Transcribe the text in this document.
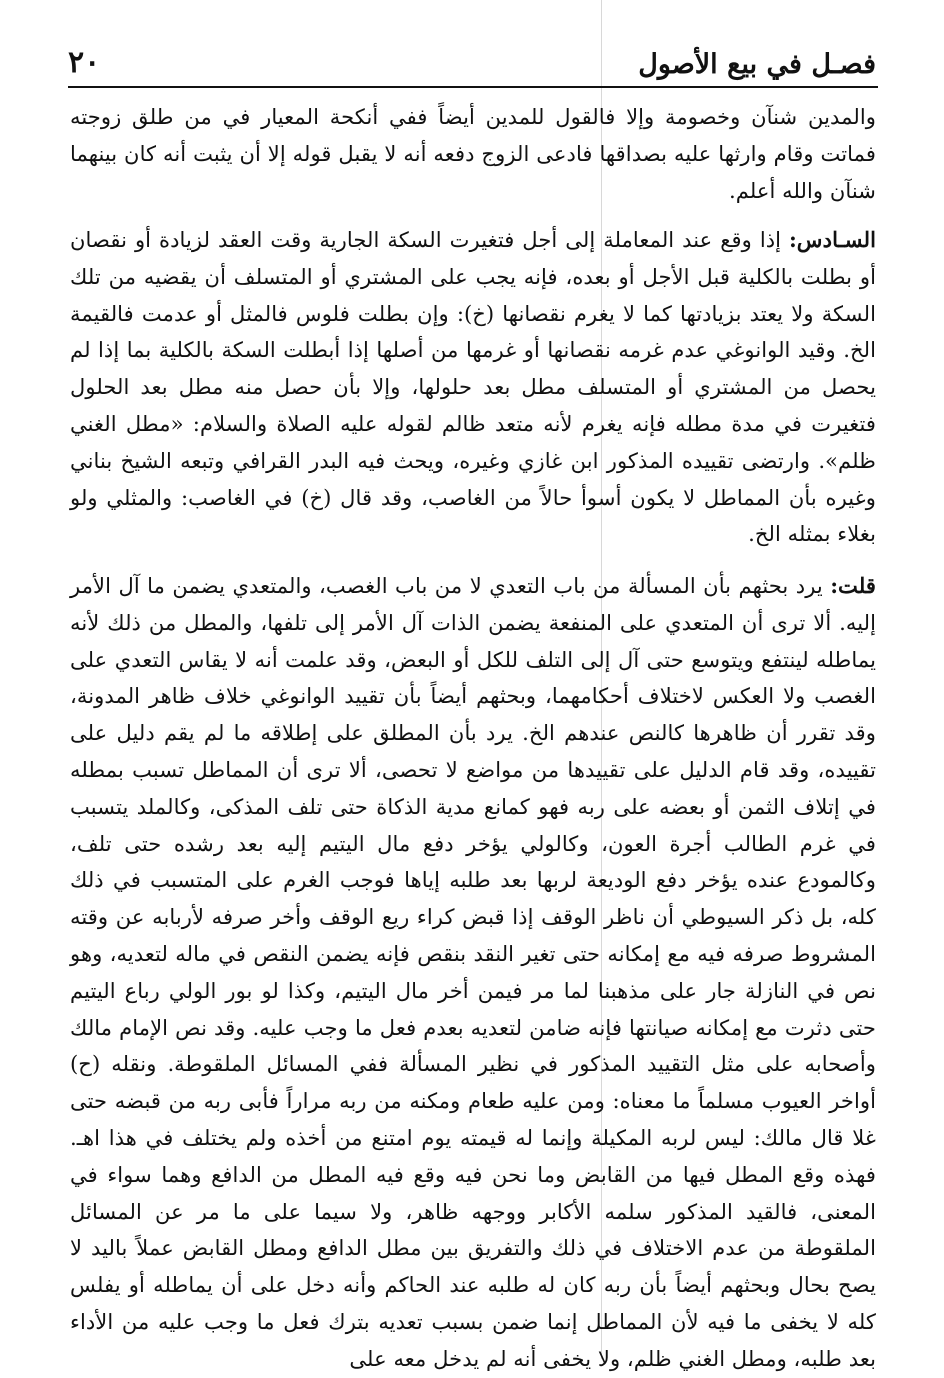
٢٠	فصـل في بيع الأصول

والمدين شنآن وخصومة وإلا فالقول للمدين أيضاً ففي أنكحة المعيار في من طلق زوجته فماتت وقام وارثها عليه بصداقها فادعى الزوج دفعه أنه لا يقبل قوله إلا أن يثبت أنه كان بينهما شنآن والله أعلم.

السـادس: إذا وقع عند المعاملة إلى أجل فتغيرت السكة الجارية وقت العقد لزيادة أو نقصان أو بطلت بالكلية قبل الأجل أو بعده، فإنه يجب على المشتري أو المتسلف أن يقضيه من تلك السكة ولا يعتد بزيادتها كما لا يغرم نقصانها (خ): وإن بطلت فلوس فالمثل أو عدمت فالقيمة الخ. وقيد الوانوغي عدم غرمه نقصانها أو غرمها من أصلها إذا أبطلت السكة بالكلية بما إذا لم يحصل من المشتري أو المتسلف مطل بعد حلولها، وإلا بأن حصل منه مطل بعد الحلول فتغيرت في مدة مطله فإنه يغرم لأنه متعد ظالم لقوله عليه الصلاة والسلام: «مطل الغني ظلم». وارتضى تقييده المذكور ابن غازي وغيره، ويحث فيه البدر القرافي وتبعه الشيخ بناني وغيره بأن المماطل لا يكون أسوأ حالاً من الغاصب، وقد قال (خ) في الغاصب: والمثلي ولو بغلاء بمثله الخ.

قلت: يرد بحثهم بأن المسألة من باب التعدي لا من باب الغصب، والمتعدي يضمن ما آل الأمر إليه. ألا ترى أن المتعدي على المنفعة يضمن الذات آل الأمر إلى تلفها، والمطل من ذلك لأنه يماطله لينتفع ويتوسع حتى آل إلى التلف للكل أو البعض، وقد علمت أنه لا يقاس التعدي على الغصب ولا العكس لاختلاف أحكامهما، وبحثهم أيضاً بأن تقييد الوانوغي خلاف ظاهر المدونة، وقد تقرر أن ظاهرها كالنص عندهم الخ. يرد بأن المطلق على إطلاقه ما لم يقم دليل على تقييده، وقد قام الدليل على تقييدها من مواضع لا تحصى، ألا ترى أن المماطل تسبب بمطله في إتلاف الثمن أو بعضه على ربه فهو كمانع مدية الذكاة حتى تلف المذكى، وكالملد يتسبب في غرم الطالب أجرة العون، وكالولي يؤخر دفع مال اليتيم إليه بعد رشده حتى تلف، وكالمودع عنده يؤخر دفع الوديعة لربها بعد طلبه إياها فوجب الغرم على المتسبب في ذلك كله، بل ذكر السيوطي أن ناظر الوقف إذا قبض كراء ريع الوقف وأخر صرفه لأربابه عن وقته المشروط صرفه فيه مع إمكانه حتى تغير النقد بنقص فإنه يضمن النقص في ماله لتعديه، وهو نص في النازلة جار على مذهبنا لما مر فيمن أخر مال اليتيم، وكذا لو بور الولي رباع اليتيم حتى دثرت مع إمكانه صيانتها فإنه ضامن لتعديه بعدم فعل ما وجب عليه. وقد نص الإمام مالك وأصحابه على مثل التقييد المذكور في نظير المسألة ففي المسائل الملقوطة. ونقله (ح) أواخر العيوب مسلماً ما معناه: ومن عليه طعام ومكنه من ربه مراراً فأبى ربه من قبضه حتى غلا قال مالك: ليس لربه المكيلة وإنما له قيمته يوم امتنع من أخذه ولم يختلف في هذا اهـ. فهذه وقع المطل فيها من القابض وما نحن فيه وقع فيه المطل من الدافع وهما سواء في المعنى، فالقيد المذكور سلمه الأكابر ووجهه ظاهر، ولا سيما على ما مر عن المسائل الملقوطة من عدم الاختلاف في ذلك والتفريق بين مطل الدافع ومطل القابض عملاً باليد لا يصح بحال وبحثهم أيضاً بأن ربه كان له طلبه عند الحاكم وأنه دخل على أن يماطله أو يفلس كله لا يخفى ما فيه لأن المماطل إنما ضمن بسبب تعديه بترك فعل ما وجب عليه من الأداء بعد طلبه، ومطل الغني ظلم، ولا يخفى أنه لم يدخل معه على
